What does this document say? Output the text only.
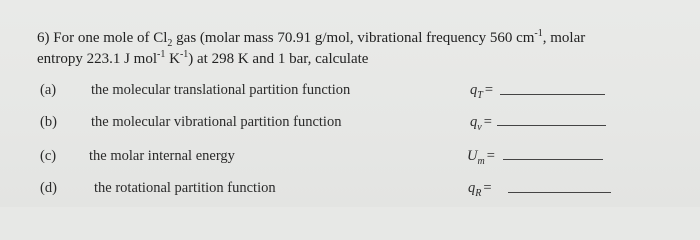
6) For one mole of $Cl_2$ gas (molar mass 70.91 g/mol, vibrational frequency 560 $cm^{-1}$, molar
entropy 223.1 J mol$^{-1}$ $K^{-1}$) at 298 K and 1 bar, calculate
(a) the molecular translational partition function	$q_T$ =
(b) the molecular vibrational partition function	$q_v$ =
(c) the molar internal energy	$U_m$ =
(d)	the rotational partition function	$q_R$ =
